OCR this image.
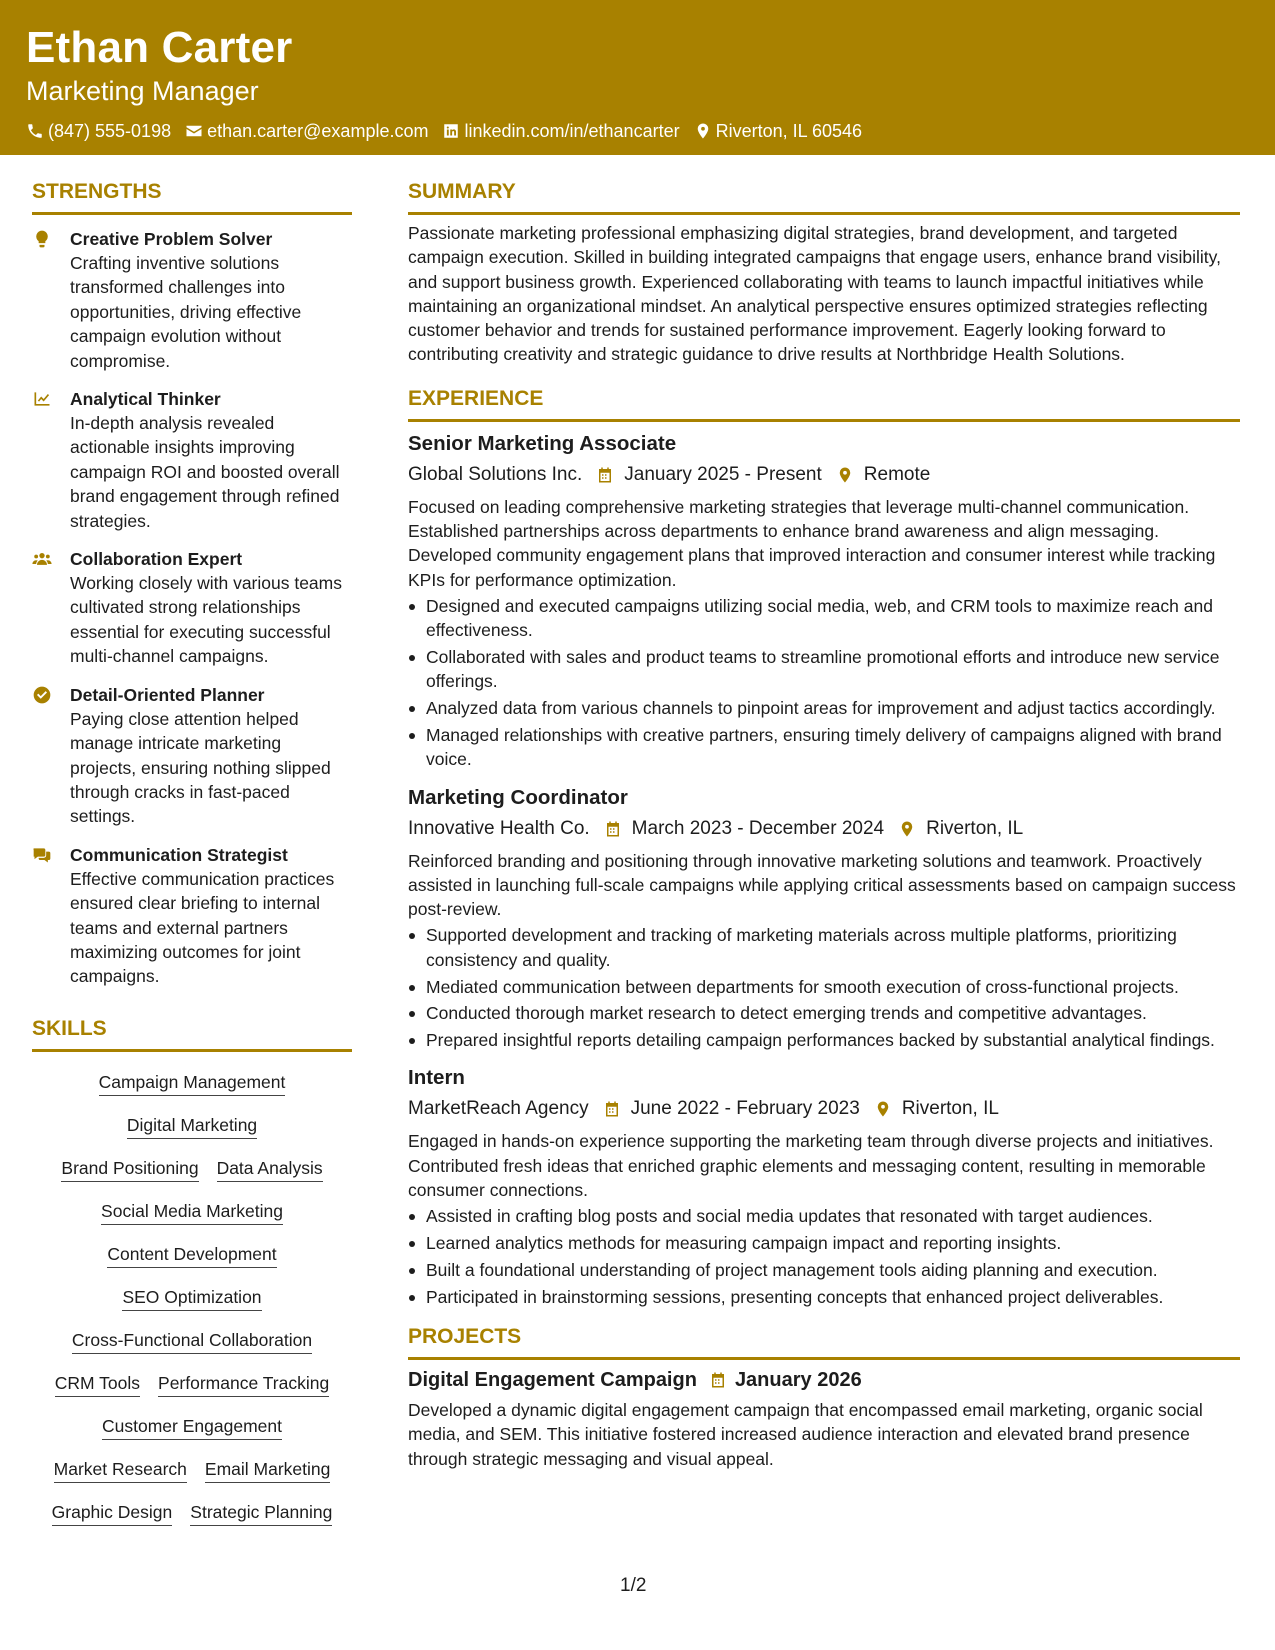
Ethan Carter
Marketing Manager
(847) 555-0198 ethan.carter@example.com linkedin.com/in/ethancarter Riverton, IL 60546
STRENGTHS
Creative Problem Solver
Crafting inventive solutions transformed challenges into opportunities, driving effective campaign evolution without compromise.
Analytical Thinker
In-depth analysis revealed actionable insights improving campaign ROI and boosted overall brand engagement through refined strategies.
Collaboration Expert
Working closely with various teams cultivated strong relationships essential for executing successful multi-channel campaigns.
Detail-Oriented Planner
Paying close attention helped manage intricate marketing projects, ensuring nothing slipped through cracks in fast-paced settings.
Communication Strategist
Effective communication practices ensured clear briefing to internal teams and external partners maximizing outcomes for joint campaigns.
SKILLS
Campaign Management
Digital Marketing
Brand Positioning Data Analysis
Social Media Marketing
Content Development
SEO Optimization
Cross-Functional Collaboration
CRM Tools Performance Tracking
Customer Engagement
Market Research Email Marketing
Graphic Design Strategic Planning
SUMMARY
Passionate marketing professional emphasizing digital strategies, brand development, and targeted campaign execution. Skilled in building integrated campaigns that engage users, enhance brand visibility, and support business growth. Experienced collaborating with teams to launch impactful initiatives while maintaining an organizational mindset. An analytical perspective ensures optimized strategies reflecting customer behavior and trends for sustained performance improvement. Eagerly looking forward to contributing creativity and strategic guidance to drive results at Northbridge Health Solutions.
EXPERIENCE
Senior Marketing Associate
Global Solutions Inc. January 2025 - Present Remote
Focused on leading comprehensive marketing strategies that leverage multi-channel communication. Established partnerships across departments to enhance brand awareness and align messaging. Developed community engagement plans that improved interaction and consumer interest while tracking KPIs for performance optimization.
Designed and executed campaigns utilizing social media, web, and CRM tools to maximize reach and effectiveness.
Collaborated with sales and product teams to streamline promotional efforts and introduce new service offerings.
Analyzed data from various channels to pinpoint areas for improvement and adjust tactics accordingly.
Managed relationships with creative partners, ensuring timely delivery of campaigns aligned with brand voice.
Marketing Coordinator
Innovative Health Co. March 2023 - December 2024 Riverton, IL
Reinforced branding and positioning through innovative marketing solutions and teamwork. Proactively assisted in launching full-scale campaigns while applying critical assessments based on campaign success post-review.
Supported development and tracking of marketing materials across multiple platforms, prioritizing consistency and quality.
Mediated communication between departments for smooth execution of cross-functional projects.
Conducted thorough market research to detect emerging trends and competitive advantages.
Prepared insightful reports detailing campaign performances backed by substantial analytical findings.
Intern
MarketReach Agency June 2022 - February 2023 Riverton, IL
Engaged in hands-on experience supporting the marketing team through diverse projects and initiatives. Contributed fresh ideas that enriched graphic elements and messaging content, resulting in memorable consumer connections.
Assisted in crafting blog posts and social media updates that resonated with target audiences.
Learned analytics methods for measuring campaign impact and reporting insights.
Built a foundational understanding of project management tools aiding planning and execution.
Participated in brainstorming sessions, presenting concepts that enhanced project deliverables.
PROJECTS
Digital Engagement Campaign January 2026
Developed a dynamic digital engagement campaign that encompassed email marketing, organic social media, and SEM. This initiative fostered increased audience interaction and elevated brand presence through strategic messaging and visual appeal.
1/2
